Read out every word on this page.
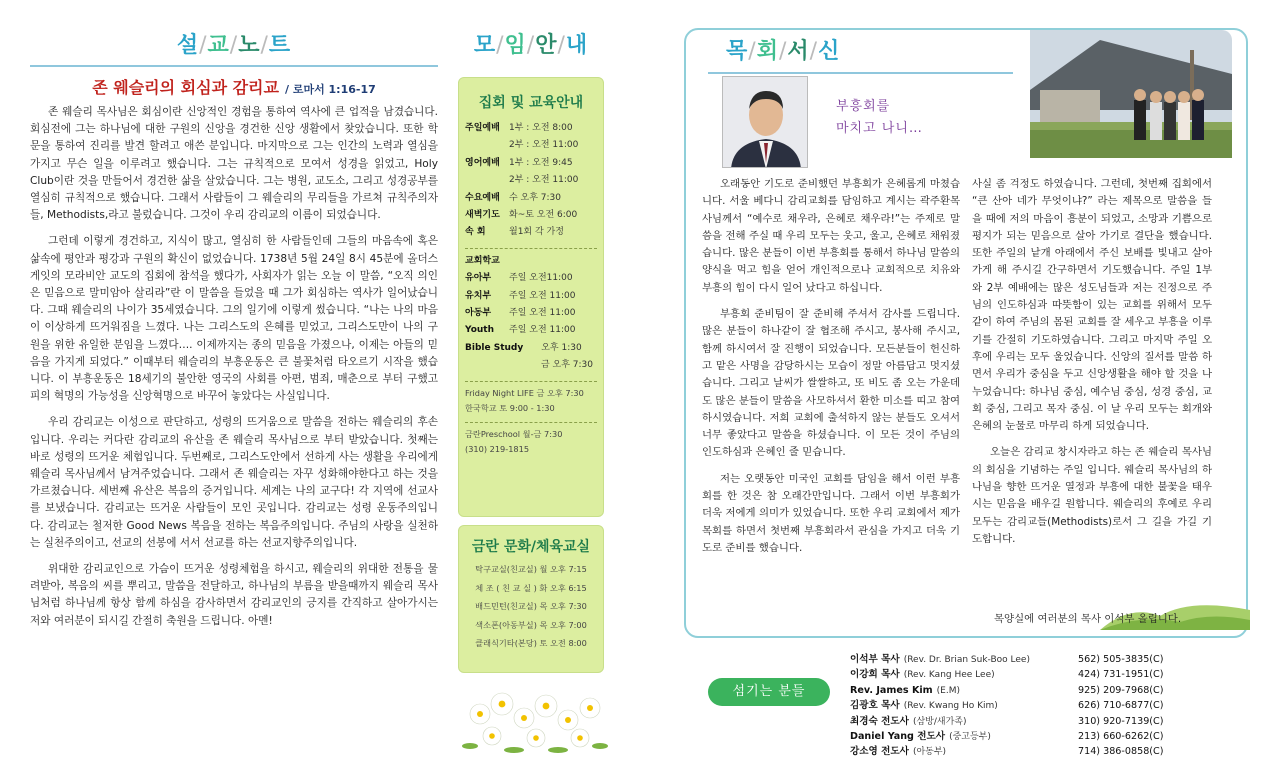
설/교/노/트
존 웨슬리의 회심과 감리교 / 로마서 1:16-17

존 웨슬리 목사님은 회심이란 신앙적인 경험을 통하여 역사에 큰 업적을 남겼습니다. 회심전에 그는 하나님에 대한 구원의 신앙을 경건한 신앙 생활에서 찾았습니다. 또한 학문을 통하여 진리를 발견 할려고 애쓴 분입니다. 마지막으로 그는 인간의 노력과 열심을 가지고 무슨 일을 이루려고 했습니다. 그는 규칙적으로 모여서 성경을 읽었고, Holy Club이란 것을 만들어서 경건한 삶을 살았습니다. 그는 병원, 교도소, 그리고 성경공부를 열심히 규칙적으로 했습니다. 그래서 사람들이 그 웨슬리의 무리들을 가르쳐 규칙주의자들, Methodists,라고 불렀습니다. 그것이 우리 감리교의 이름이 되었습니다.

그런데 이렇게 경건하고, 지식이 많고, 열심히 한 사람들인데 그들의 마음속에 혹은 삶속에 평안과 평강과 구원의 확신이 없었습니다. 1738년 5월 24일 8시 45분에 올더스게잇의 모라비안 교도의 집회에 참석을 했다가, 사회자가 읽는 오늘 이 말씀, “오직 의인은 믿음으로 말미암아 살리라”란 이 말씀을 들었을 때 그가 회심하는 역사가 일어났습니다. 그때 웨슬리의 나이가 35세였습니다. 그의 일기에 이렇게 썼습니다. “나는 나의 마음이 이상하게 뜨거워짐을 느꼈다. 나는 그리스도의 은혜를 믿었고, 그리스도만이 나의 구원을 위한 유일한 분임을 느꼈다…. 이제까지는 종의 믿음을 가졌으나, 이제는 아들의 믿음을 가지게 되었다.” 이때부터 웨슬리의 부흥운동은 큰 불꽃처럼 타오르기 시작을 했습니다. 이 부흥운동은 18세기의 불안한 영국의 사회를 아편, 범죄, 매춘으로 부터 구했고 피의 혁명의 가능성을 신앙혁명으로 바꾸어 놓았다는 사실입니다.

우리 감리교는 이성으로 판단하고, 성령의 뜨거움으로 말씀을 전하는 웨슬리의 후손입니다. 우리는 커다란 감리교의 유산을 존 웨슬리 목사님으로 부터 받았습니다. 첫째는 바로 성령의 뜨거운 체험입니다. 두번째로, 그리스도안에서 선하게 사는 생활을 우리에게 웨슬리 목사님께서 남겨주었습니다. 그래서 존 웨슬리는 자꾸 성화해야한다고 하는 것을 가르쳤습니다. 세번째 유산은 복음의 증거입니다. 세계는 나의 교구다! 각 지역에 선교사를 보냈습니다. 감리교는 뜨거운 사람들이 모인 곳입니다. 감리교는 성령 운동주의입니다. 감리교는 철저한 Good News 복음을 전하는 복음주의입니다. 주님의 사랑을 실천하는 실천주의이고, 선교의 선봉에 서서 선교를 하는 선교지향주의입니다.

위대한 감리교인으로 가슴이 뜨거운 성령체험을 하시고, 웨슬리의 위대한 전통을 물려받아, 복음의 씨를 뿌리고, 말씀을 전달하고, 하나님의 부름을 받을때까지 웨슬리 목사님처럼 하나님께 항상 함께 하심을 감사하면서 감리교인의 긍지를 간직하고 살아가시는 저와 여러분이 되시길 간절히 축원을 드립니다. 아멘!

모/임/안/내
집회 및 교육안내
주일예배 1부 : 오전 8:00
2부 : 오전 11:00
영어예배 1부 : 오전 9:45
2부 : 오전 11:00
수요예배 수 오후 7:30
새벽기도 화~토 오전 6:00
속 회	월1회 각 가정
교회학교
유아부 주일 오전11:00
유치부 주일 오전 11:00
아동부 주일 오전 11:00
Youth 주일 오전 11:00
Bible Study 오후 1:30
금 오후 7:30
Friday Night LIFE 금 오후 7:30
한국학교 토 9:00 - 1:30
금란Preschool 월-금 7:30
(310) 219-1815
금란 문화/체육교실
탁구교실(친교실) 월 오후 7:15
체 조 ( 친 교 실 ) 화 오후 6:15
배드민턴(친교실) 목 오후 7:30
색소폰(아동부실) 목 오후 7:00
클래식기타(본당) 토 오전 8:00
목/회/서/신
부흥회를
마치고 나니…

오래동안 기도로 준비했던 부흥회가 은혜롭게 마쳤습니다. 서울 베다니 감리교회를 담임하고 계시는 곽주환목사님께서 “예수로 채우라, 은혜로 채우라!”는 주제로 말씀을 전해 주실 때 우리 모두는 웃고, 울고, 은혜로 채워졌습니다. 많은 분들이 이번 부흥회를 통해서 하나님 말씀의 양식을 먹고 힘을 얻어 개인적으로나 교회적으로 치유와 부흥의 힘이 다시 일어 났다고 하십니다.

부흥회 준비팀이 잘 준비해 주셔서 감사를 드립니다. 많은 분들이 하나같이 잘 협조해 주시고, 봉사해 주시고, 함께 하시여서 잘 진행이 되었습니다. 모든분들이 헌신하고 맡은 사명을 감당하시는 모습이 정말 아름답고 멋지셨습니다. 그리고 날씨가 쌀쌀하고, 또 비도 좀 오는 가운데도 많은 분들이 말씀을 사모하셔서 환한 미소를 띠고 참여하시였습니다. 저희 교회에 출석하지 않는 분들도 오셔서 너무 좋았다고 말씀을 하셨습니다. 이 모든 것이 주님의 인도하심과 은혜인 줄 믿습니다.

저는 오랫동안 미국인 교회를 담임을 해서 이런 부흥회를 한 것은 참 오래간만입니다. 그래서 이번 부흥회가 더욱 저에게 의미가 있었습니다. 또한 우리 교회에서 제가 목회를 하면서 첫번째 부흥회라서 관심을 가지고 더욱 기도로 준비를 했습니다.

사실 좀 걱정도 하였습니다. 그런데, 첫번째 집회에서 “큰 산아 네가 무엇이냐?” 라는 제목으로 말씀을 들을 때에 저의 마음이 흥분이 되었고, 소망과 기쁨으로 평지가 되는 믿음으로 살아 가기로 결단을 했습니다. 또한 주일의 낱개 아래에서 주신 보배를 빛내고 살아가게 해 주시길 간구하면서 기도했습니다. 주일 1부와 2부 예배에는 많은 성도님들과 저는 진정으로 주님의 인도하심과 따뜻함이 있는 교회를 위해서 모두 같이 하여 주님의 몸된 교회를 잘 세우고 부흥을 이루기를 간절히 기도하였습니다. 그리고 마지막 주일 오후에 우리는 모두 울었습니다. 신앙의 질서를 말씀 하면서 우리가 중심을 두고 신앙생활을 해야 할 것을 나누었습니다: 하나님 중심, 예수님 중심, 성경 중심, 교회 중심, 그리고 목자 중심. 이 날 우리 모두는 회개와 은혜의 눈물로 마무리 하게 되었습니다.

오늘은 감리교 창시자라고 하는 존 웨슬리 목사님의 회심을 기념하는 주일 입니다. 웨슬리 목사님의 하나님을 향한 뜨거운 열정과 부흥에 대한 불꽃을 태우시는 믿음을 배우길 원합니다. 웨슬리의 후예로 우리 모두는 감리교들(Methodists)로서 그 길을 가길 기도합니다.

목양실에 여러분의 목사 이석부 올립니다.
섬기는 분들
이석부 목사 (Rev. Dr. Brian Suk-Boo Lee)	562) 505-3835(C)
이강희 목사 (Rev. Kang Hee Lee)	424) 731-1951(C)
Rev. James Kim (E.M)	925) 209-7968(C)
김광호 목사 (Rev. Kwang Ho Kim)	626) 710-6877(C)
최경숙 전도사 (삼방/새가족)	310) 920-7139(C)
Daniel Yang 전도사 (중고등부)	213) 660-6262(C)
강소영 전도사 (아동부)	714) 386-0858(C)
